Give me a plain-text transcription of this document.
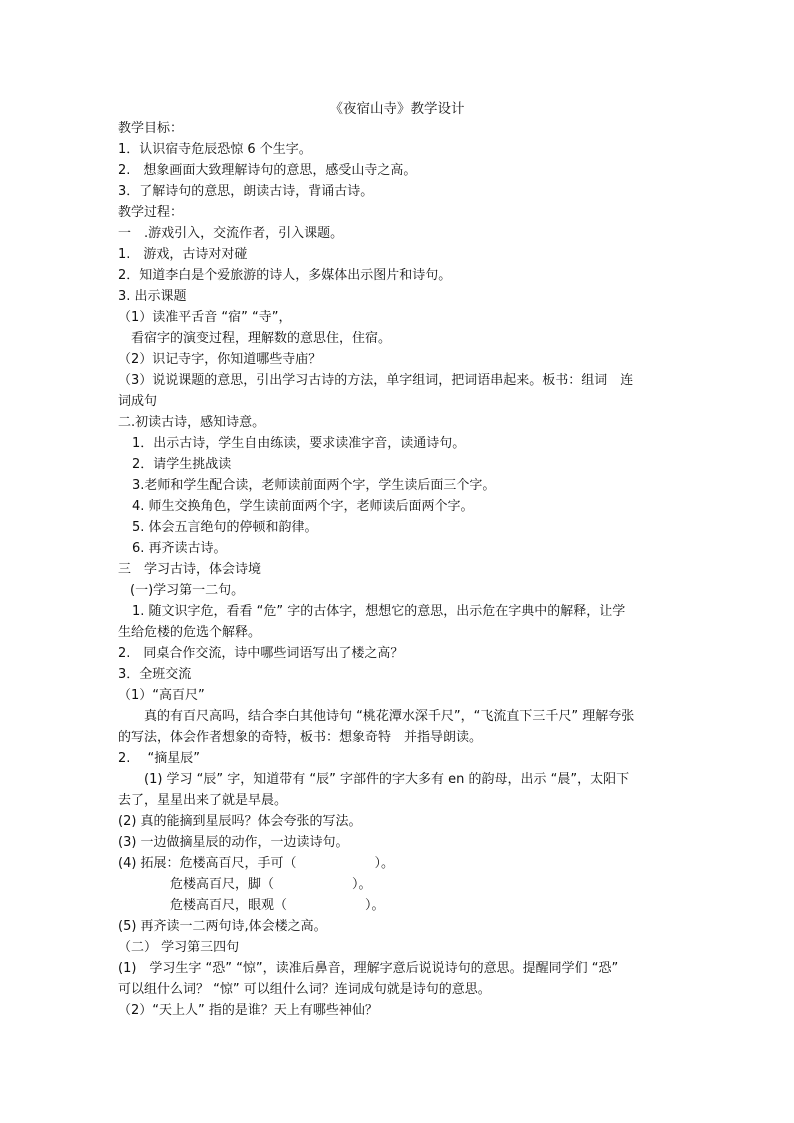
《夜宿山寺》教学设计
教学目标：
1．认识宿寺危辰恐惊 6 个生字。
2.　想象画面大致理解诗句的意思，感受山寺之高。
3．了解诗句的意思，朗读古诗，背诵古诗。
教学过程：
一　.游戏引入，交流作者，引入课题。
1.　游戏，古诗对对碰
2．知道李白是个爱旅游的诗人，多媒体出示图片和诗句。
3. 出示课题
（1）读准平舌音 “宿” “寺”，
　看宿字的演变过程，理解数的意思住，住宿。
（2）识记寺字，你知道哪些寺庙？
（3）说说课题的意思，引出学习古诗的方法，单字组词，把词语串起来。板书：组词　连
词成句
二.初读古诗，感知诗意。
1．出示古诗，学生自由练读，要求读准字音，读通诗句。
2．请学生挑战读
3.老师和学生配合读，老师读前面两个字，学生读后面三个字。
4. 师生交换角色，学生读前面两个字，老师读后面两个字。
5. 体会五言绝句的停顿和韵律。
6. 再齐读古诗。
三　学习古诗，体会诗境
(一)学习第一二句。
1. 随文识字危，看看 “危” 字的古体字，想想它的意思，出示危在字典中的解释，让学
生给危楼的危选个解释。
2.　同桌合作交流，诗中哪些词语写出了楼之高？
3．全班交流
（1）“高百尺”
　　真的有百尺高吗，结合李白其他诗句 “桃花潭水深千尺”，“飞流直下三千尺” 理解夸张
的写法，体会作者想象的奇特，板书：想象奇特　并指导朗读。
2.　 “摘星辰”
　　(1) 学习 “辰” 字，知道带有 “辰” 字部件的字大多有 en 的韵母，出示 “晨”，太阳下
去了，星星出来了就是早晨。
(2) 真的能摘到星辰吗？体会夸张的写法。
(3) 一边做摘星辰的动作，一边读诗句。
(4) 拓展：危楼高百尺，手可（　　　　　　）。
　　　　危楼高百尺，脚（　　　　　　）。
　　　　危楼高百尺，眼观（　　　　　　）。
(5) 再齐读一二两句诗,体会楼之高。
（二） 学习第三四句
(1)　学习生字 “恐” “惊”，读准后鼻音，理解字意后说说诗句的意思。提醒同学们 “恐”
可以组什么词？ “惊” 可以组什么词？连词成句就是诗句的意思。
（2）“天上人” 指的是谁？天上有哪些神仙？
